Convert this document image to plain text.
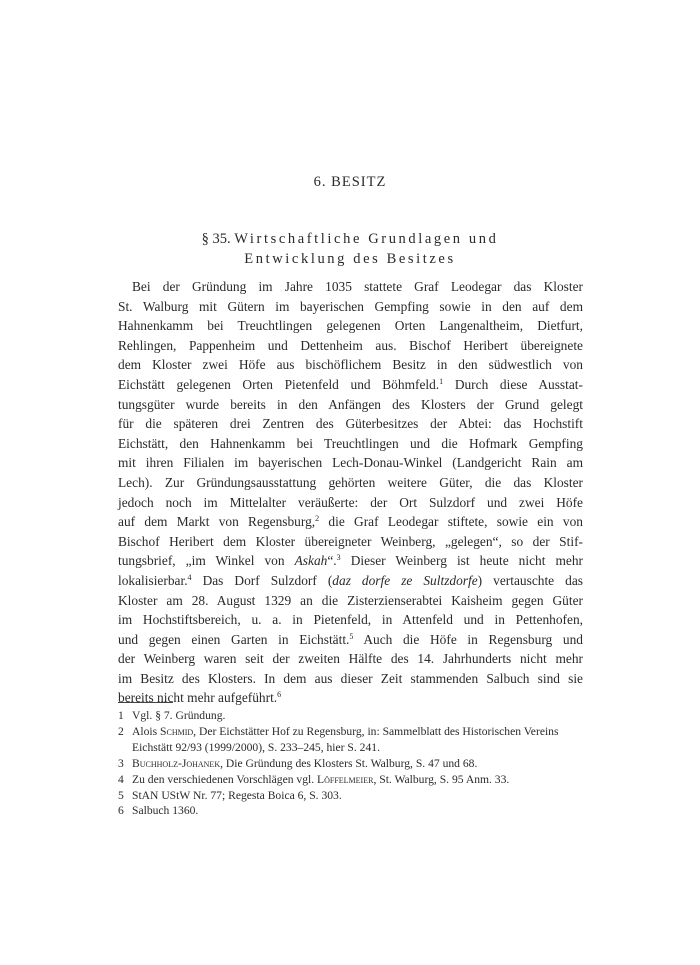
6. BESITZ
§ 35. Wirtschaftliche Grundlagen und
Entwicklung des Besitzes
Bei der Gründung im Jahre 1035 stattete Graf Leodegar das Kloster
St. Walburg mit Gütern im bayerischen Gempfing sowie in den auf dem
Hahnenkamm bei Treuchtlingen gelegenen Orten Langenaltheim, Dietfurt,
Rehlingen, Pappenheim und Dettenheim aus. Bischof Heribert übereignete
dem Kloster zwei Höfe aus bischöflichem Besitz in den südwestlich von
Eichstätt gelegenen Orten Pietenfeld und Böhmfeld.$^1$ Durch diese Ausstat-
tungsgüter wurde bereits in den Anfängen des Klosters der Grund gelegt
für die späteren drei Zentren des Güterbesitzes der Abtei: das Hochstift
Eichstätt, den Hahnenkamm bei Treuchtlingen und die Hofmark Gempfing
mit ihren Filialen im bayerischen Lech-Donau-Winkel (Landgericht Rain am
Lech). Zur Gründungsausstattung gehörten weitere Güter, die das Kloster
jedoch noch im Mittelalter veräußerte: der Ort Sulzdorf und zwei Höfe
auf dem Markt von Regensburg,$^2$ die Graf Leodegar stiftete, sowie ein von
Bischof Heribert dem Kloster übereigneter Weinberg, „gelegen“, so der Stif-
tungsbrief, „im Winkel von Askah“.$^3$ Dieser Weinberg ist heute nicht mehr
lokalisierbar.$^4$ Das Dorf Sulzdorf (daz dorfe ze Sultzdorfe) vertauschte das
Kloster am 28. August 1329 an die Zisterzienserabtei Kaisheim gegen Güter
im Hochstiftsbereich, u. a. in Pietenfeld, in Attenfeld und in Pettenhofen,
und gegen einen Garten in Eichstätt.$^5$ Auch die Höfe in Regensburg und
der Weinberg waren seit der zweiten Hälfte des 14. Jahrhunderts nicht mehr
im Besitz des Klosters. In dem aus dieser Zeit stammenden Salbuch sind sie
bereits nicht mehr aufgeführt.$^6$
1 Vgl. § 7. Gründung.
2 Alois Schmid, Der Eichstätter Hof zu Regensburg, in: Sammelblatt des Historischen Vereins Eichstätt 92/93 (1999/2000), S. 233–245, hier S. 241.
3 Buchholz-Johanek, Die Gründung des Klosters St. Walburg, S. 47 und 68.
4 Zu den verschiedenen Vorschlägen vgl. Löffelmeier, St. Walburg, S. 95 Anm. 33.
5 StAN UStW Nr. 77; Regesta Boica 6, S. 303.
6 Salbuch 1360.
